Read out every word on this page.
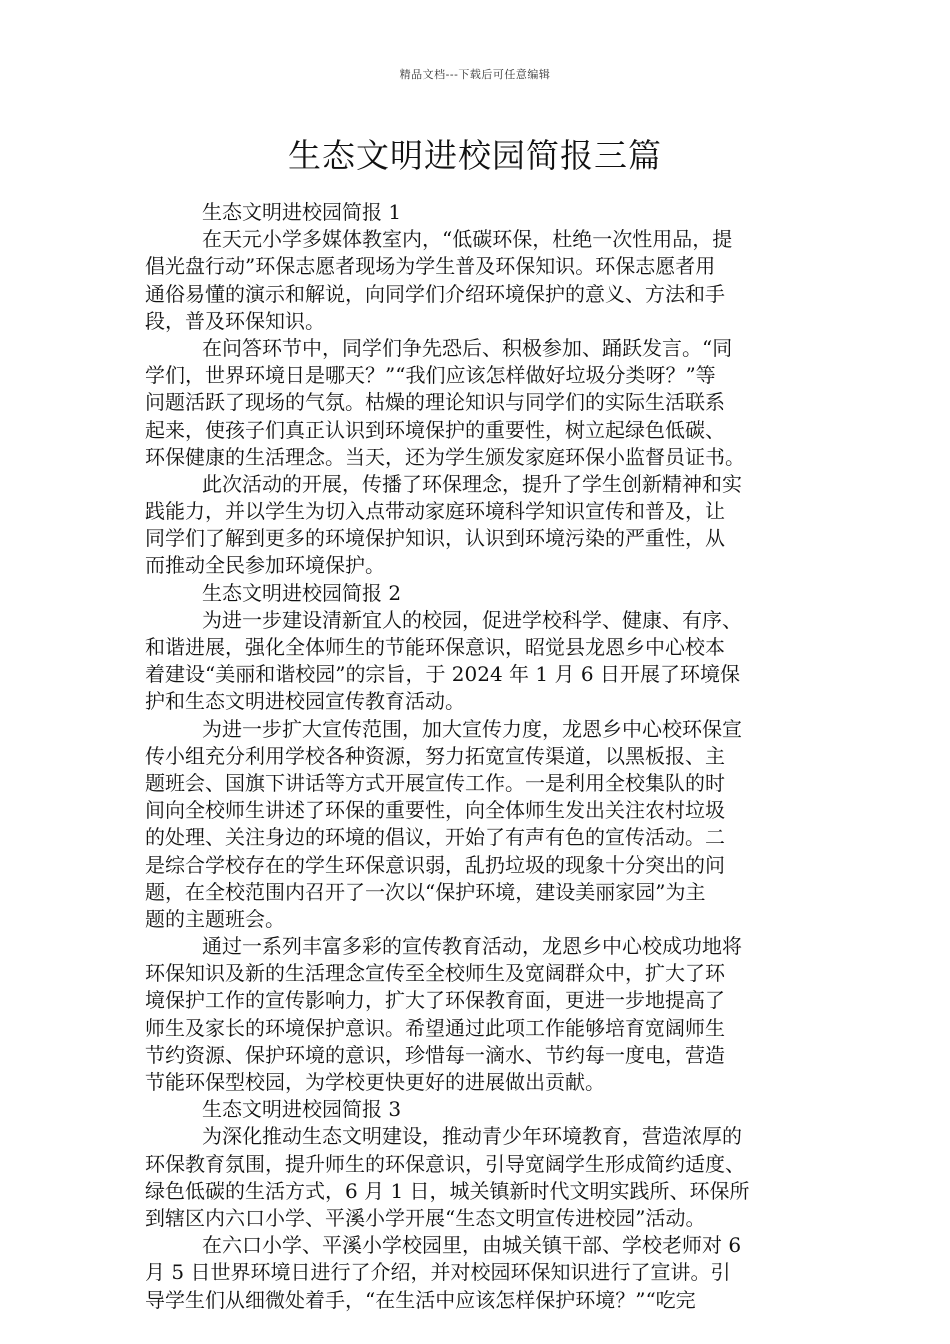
精品文档---下载后可任意编辑
生态文明进校园简报三篇
生态文明进校园简报 1
在天元小学多媒体教室内，“低碳环保，杜绝一次性用品，提
倡光盘行动”环保志愿者现场为学生普及环保知识。环保志愿者用
通俗易懂的演示和解说，向同学们介绍环境保护的意义、方法和手
段，普及环保知识。
在问答环节中，同学们争先恐后、积极参加、踊跃发言。“同
学们，世界环境日是哪天？”“我们应该怎样做好垃圾分类呀？”等
问题活跃了现场的气氛。枯燥的理论知识与同学们的实际生活联系
起来，使孩子们真正认识到环境保护的重要性，树立起绿色低碳、
环保健康的生活理念。当天，还为学生颁发家庭环保小监督员证书。
此次活动的开展，传播了环保理念，提升了学生创新精神和实
践能力，并以学生为切入点带动家庭环境科学知识宣传和普及，让
同学们了解到更多的环境保护知识，认识到环境污染的严重性，从
而推动全民参加环境保护。
生态文明进校园简报 2
为进一步建设清新宜人的校园，促进学校科学、健康、有序、
和谐进展，强化全体师生的节能环保意识，昭觉县龙恩乡中心校本
着建设“美丽和谐校园”的宗旨，于 2024 年 1 月 6 日开展了环境保
护和生态文明进校园宣传教育活动。
为进一步扩大宣传范围，加大宣传力度，龙恩乡中心校环保宣
传小组充分利用学校各种资源，努力拓宽宣传渠道，以黑板报、主
题班会、国旗下讲话等方式开展宣传工作。一是利用全校集队的时
间向全校师生讲述了环保的重要性，向全体师生发出关注农村垃圾
的处理、关注身边的环境的倡议，开始了有声有色的宣传活动。二
是综合学校存在的学生环保意识弱，乱扔垃圾的现象十分突出的问
题，在全校范围内召开了一次以“保护环境，建设美丽家园”为主
题的主题班会。
通过一系列丰富多彩的宣传教育活动，龙恩乡中心校成功地将
环保知识及新的生活理念宣传至全校师生及宽阔群众中，扩大了环
境保护工作的宣传影响力，扩大了环保教育面，更进一步地提高了
师生及家长的环境保护意识。希望通过此项工作能够培育宽阔师生
节约资源、保护环境的意识，珍惜每一滴水、节约每一度电，营造
节能环保型校园，为学校更快更好的进展做出贡献。
生态文明进校园简报 3
为深化推动生态文明建设，推动青少年环境教育，营造浓厚的
环保教育氛围，提升师生的环保意识，引导宽阔学生形成简约适度、
绿色低碳的生活方式，6 月 1 日，城关镇新时代文明实践所、环保所
到辖区内六口小学、平溪小学开展“生态文明宣传进校园”活动。
在六口小学、平溪小学校园里，由城关镇干部、学校老师对 6
月 5 日世界环境日进行了介绍，并对校园环保知识进行了宣讲。引
导学生们从细微处着手，“在生活中应该怎样保护环境？”“吃完
